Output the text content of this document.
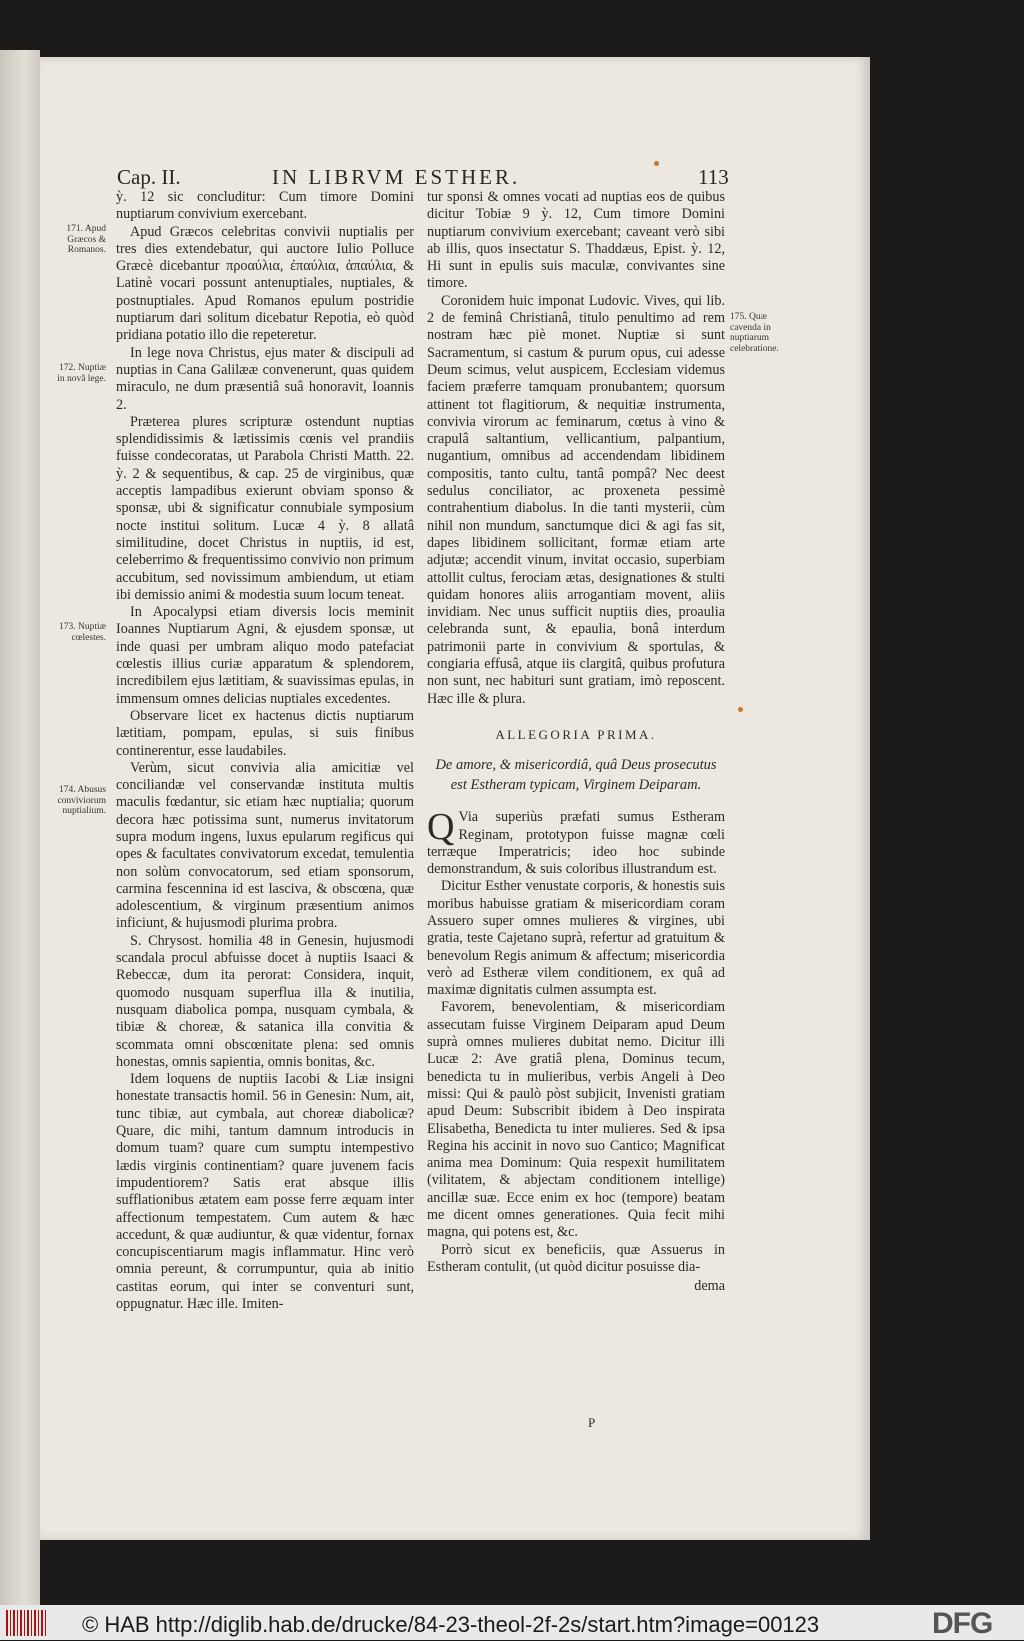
Cap. II.	IN LIBRVM ESTHER.	113
171. Apud Græcos & Romanos.
172. Nuptiæ in novâ lege.
173. Nuptiæ cœlestes.
174. Abusus conviviorum nuptialium.
175. Quæ cavenda in nuptiarum celebratione.

ỳ. 12 sic concluditur: Cum timore Domini nuptiarum convivium exercebant.

Apud Græcos celebritas convivii nuptialis per tres dies extendebatur, qui auctore Iulio Polluce Græcè dicebantur προαύλια, ἐπαύλια, ἀπαύλια, & Latinè vocari possunt antenuptiales, nuptiales, & postnuptiales. Apud Romanos epulum postridie nuptiarum dari solitum dicebatur Repotia, eò quòd pridiana potatio illo die repeteretur.

In lege nova Christus, ejus mater & discipuli ad nuptias in Cana Galilææ convenerunt, quas quidem miraculo, ne dum præsentiâ suâ honoravit, Ioannis 2.

Præterea plures scripturæ ostendunt nuptias splendidissimis & lætissimis cœnis vel prandiis fuisse condecoratas, ut Parabola Christi Matth. 22. ỳ. 2 & sequentibus, & cap. 25 de virginibus, quæ acceptis lampadibus exierunt obviam sponso & sponsæ, ubi & significatur connubiale symposium nocte institui solitum. Lucæ 4 ỳ. 8 allatâ similitudine, docet Christus in nuptiis, id est, celeberrimo & frequentissimo convivio non primum accubitum, sed novissimum ambiendum, ut etiam ibi demissio animi & modestia suum locum teneat.

In Apocalypsi etiam diversis locis meminit Ioannes Nuptiarum Agni, & ejusdem sponsæ, ut inde quasi per umbram aliquo modo patefaciat cœlestis illius curiæ apparatum & splendorem, incredibilem ejus lætitiam, & suavissimas epulas, in immensum omnes delicias nuptiales excedentes.

Observare licet ex hactenus dictis nuptiarum lætitiam, pompam, epulas, si suis finibus continerentur, esse laudabiles.

Verùm, sicut convivia alia amicitiæ vel conciliandæ vel conservandæ instituta multis maculis fœdantur, sic etiam hæc nuptialia; quorum decora hæc potissima sunt, numerus invitatorum supra modum ingens, luxus epularum regificus qui opes & facultates convivatorum excedat, temulentia non solùm convocatorum, sed etiam sponsorum, carmina fescennina id est lasciva, & obscœna, quæ adolescentium, & virginum præsentium animos inficiunt, & hujusmodi plurima probra.

S. Chrysost. homilia 48 in Genesin, hujusmodi scandala procul abfuisse docet à nuptiis Isaaci & Rebeccæ, dum ita perorat: Considera, inquit, quomodo nusquam superflua illa & inutilia, nusquam diabolica pompa, nusquam cymbala, & tibiæ & choreæ, & satanica illa convitia & scommata omni obscœnitate plena: sed omnis honestas, omnis sapientia, omnis bonitas, &c.

Idem loquens de nuptiis Iacobi & Liæ insigni honestate transactis homil. 56 in Genesin: Num, ait, tunc tibiæ, aut cymbala, aut choreæ diabolicæ? Quare, dic mihi, tantum damnum introducis in domum tuam? quare cum sumptu intempestivo lædis virginis continentiam? quare juvenem facis impudentiorem? Satis erat absque illis sufflationibus ætatem eam posse ferre æquam inter affectionum tempestatem. Cum autem & hæc accedunt, & quæ audiuntur, & quæ videntur, fornax concupiscentiarum magis inflammatur. Hinc verò omnia pereunt, & corrumpuntur, quia ab initio castitas eorum, qui inter se conventuri sunt, oppugnatur. Hæc ille. Imiten-

tur sponsi & omnes vocati ad nuptias eos de quibus dicitur Tobiæ 9 ỳ. 12, Cum timore Domini nuptiarum convivium exercebant; caveant verò sibi ab illis, quos insectatur S. Thaddæus, Epist. ỳ. 12, Hi sunt in epulis suis maculæ, convivantes sine timore.

Coronidem huic imponat Ludovic. Vives, qui lib. 2 de feminâ Christianâ, titulo penultimo ad rem nostram hæc piè monet. Nuptiæ si sunt Sacramentum, si castum & purum opus, cui adesse Deum scimus, velut auspicem, Ecclesiam videmus faciem præferre tamquam pronubantem; quorsum attinent tot flagitiorum, & nequitiæ instrumenta, convivia virorum ac feminarum, cœtus à vino & crapulâ saltantium, vellicantium, palpantium, nugantium, omnibus ad accendendam libidinem compositis, tanto cultu, tantâ pompâ? Nec deest sedulus conciliator, ac proxeneta pessimè contrahentium diabolus. In die tanti mysterii, cùm nihil non mundum, sanctumque dici & agi fas sit, dapes libidinem sollicitant, formæ etiam arte adjutæ; accendit vinum, invitat occasio, superbiam attollit cultus, ferociam ætas, designationes & stulti quidam honores aliis arrogantiam movent, aliis invidiam. Nec unus sufficit nuptiis dies, proaulia celebranda sunt, & epaulia, bonâ interdum patrimonii parte in convivium & sportulas, & congiaria effusâ, atque iis clargitâ, quibus profutura non sunt, nec habituri sunt gratiam, imò reposcent. Hæc ille & plura.

ALLEGORIA PRIMA.
De amore, & misericordiâ, quâ Deus prosecutus est Estheram typicam, Virginem Deiparam.

Q Via superiùs præfati sumus Estheram Reginam, prototypon fuisse magnæ cœli terræque Imperatricis; ideo hoc subinde demonstrandum, & suis coloribus illustrandum est.

Dicitur Esther venustate corporis, & honestis suis moribus habuisse gratiam & misericordiam coram Assuero super omnes mulieres & virgines, ubi gratia, teste Cajetano suprà, refertur ad gratuitum & benevolum Regis animum & affectum; misericordia verò ad Estheræ vilem conditionem, ex quâ ad maximæ dignitatis culmen assumpta est.

Favorem, benevolentiam, & misericordiam assecutam fuisse Virginem Deiparam apud Deum suprà omnes mulieres dubitat nemo. Dicitur illi Lucæ 2: Ave gratiâ plena, Dominus tecum, benedicta tu in mulieribus, verbis Angeli à Deo missi: Qui & paulò pòst subjicit, Invenisti gratiam apud Deum: Subscribit ibidem à Deo inspirata Elisabetha, Benedicta tu inter mulieres. Sed & ipsa Regina his accinit in novo suo Cantico; Magnificat anima mea Dominum: Quia respexit humilitatem (vilitatem, & abjectam conditionem intellige) ancillæ suæ. Ecce enim ex hoc (tempore) beatam me dicent omnes generationes. Quia fecit mihi magna, qui potens est, &c.

Porrò sicut ex beneficiis, quæ Assuerus in Estheram contulit, (ut quòd dicitur posuisse dia-

dema
P
© HAB http://diglib.hab.de/drucke/84-23-theol-2f-2s/start.htm?image=00123	DFG
